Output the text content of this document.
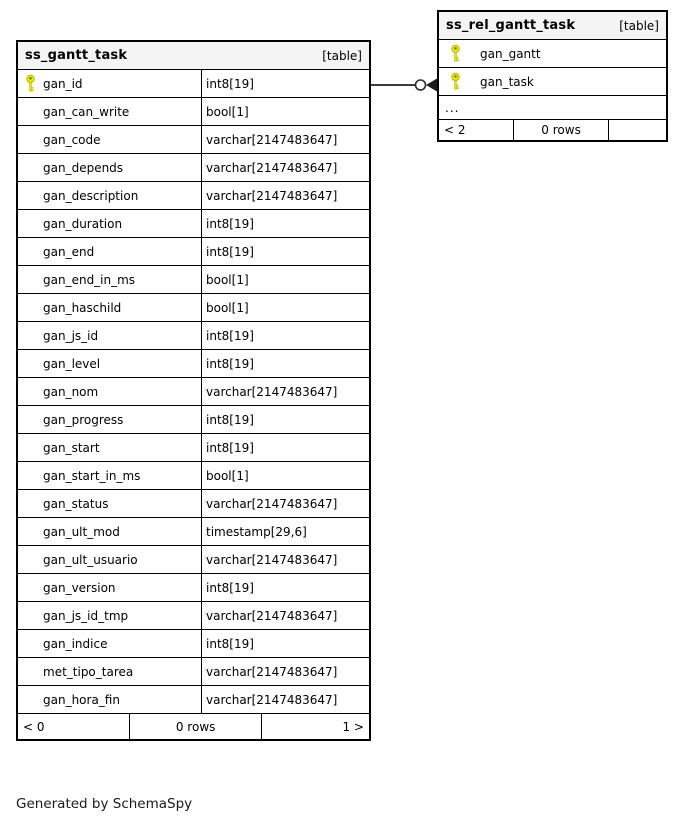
ss_gantt_task	[table]
gan_id	int8[19]
gan_can_write	bool[1]
gan_code	varchar[2147483647]
gan_depends	varchar[2147483647]
gan_description	varchar[2147483647]
gan_duration	int8[19]
gan_end	int8[19]
gan_end_in_ms	bool[1]
gan_haschild	bool[1]
gan_js_id	int8[19]
gan_level	int8[19]
gan_nom	varchar[2147483647]
gan_progress	int8[19]
gan_start	int8[19]
gan_start_in_ms	bool[1]
gan_status	varchar[2147483647]
gan_ult_mod	timestamp[29,6]
gan_ult_usuario	varchar[2147483647]
gan_version	int8[19]
gan_js_id_tmp	varchar[2147483647]
gan_indice	int8[19]
met_tipo_tarea	varchar[2147483647]
gan_hora_fin	varchar[2147483647]
< 0	0 rows	1 >
ss_rel_gantt_task	[table]
gan_gantt
gan_task
...
< 2	0 rows
Generated by SchemaSpy
